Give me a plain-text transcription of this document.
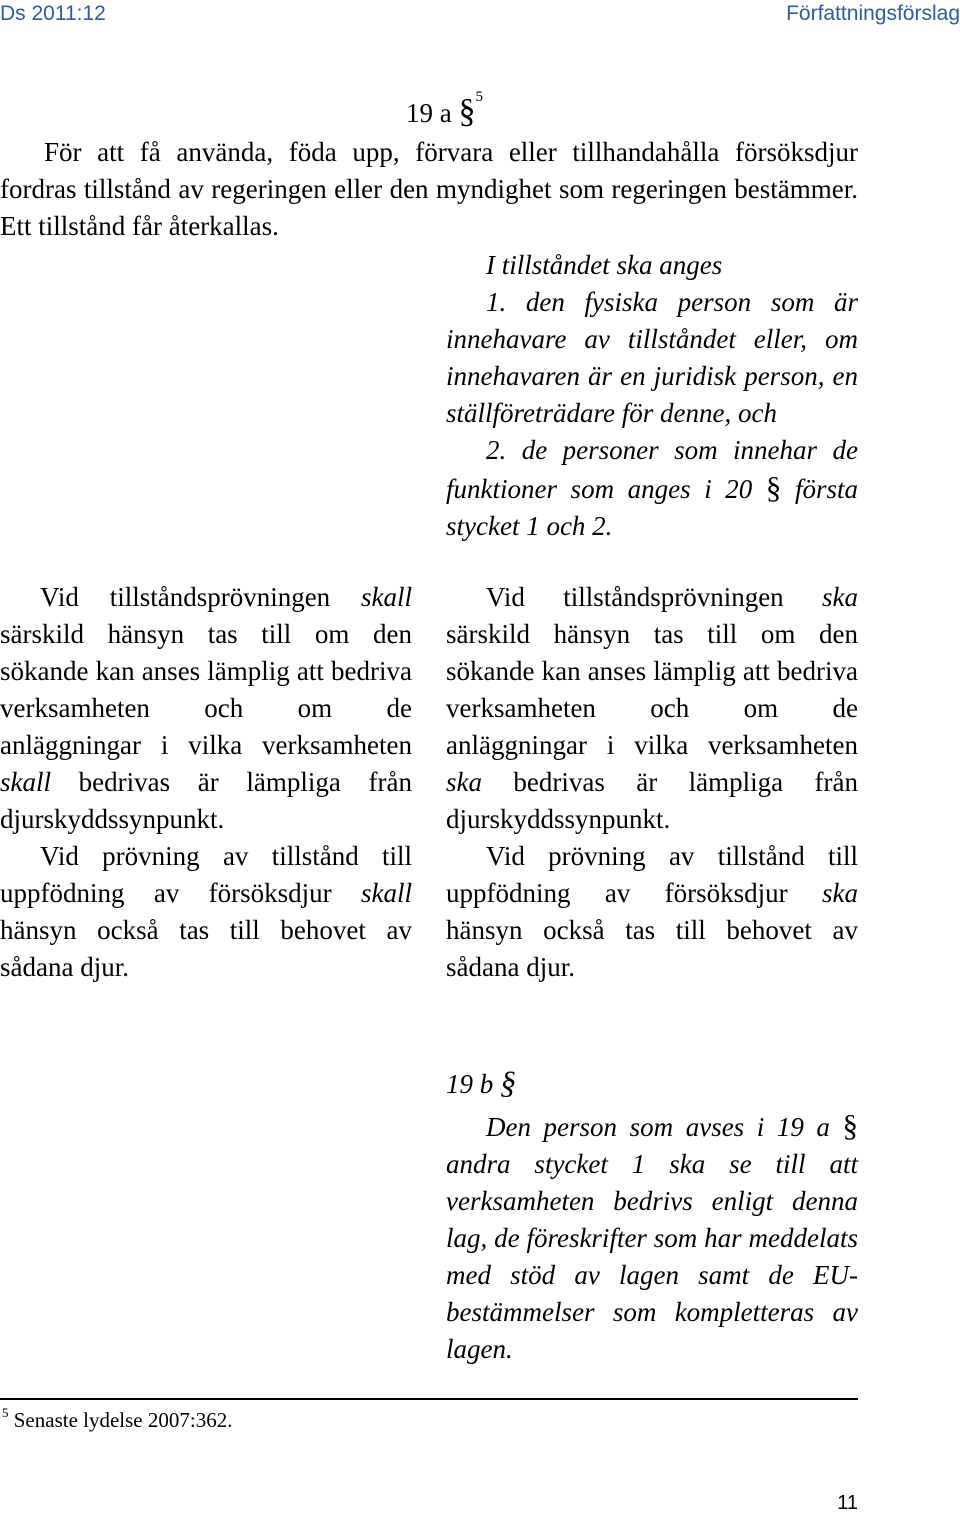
Ds 2011:12	Författningsförslag
19 a §$^5$
För att få använda, föda upp, förvara eller tillhandahålla försöksdjur fordras tillstånd av regeringen eller den myndighet som regeringen bestämmer. Ett tillstånd får återkallas.

I tillståndet ska anges

1. den fysiska person som är innehavare av tillståndet eller, om innehavaren är en juridisk person, en ställföreträdare för denne, och

2. de personer som innehar de funktioner som anges i 20 § första stycket 1 och 2.

Vid tillståndsprövningen skall särskild hänsyn tas till om den sökande kan anses lämplig att bedriva verksamheten och om de anläggningar i vilka verksamheten skall bedrivas är lämpliga från djurskyddssynpunkt.

Vid prövning av tillstånd till uppfödning av försöksdjur skall hänsyn också tas till behovet av sådana djur.

Vid tillståndsprövningen ska särskild hänsyn tas till om den sökande kan anses lämplig att bedriva verksamheten och om de anläggningar i vilka verksamheten ska bedrivas är lämpliga från djurskyddssynpunkt.

Vid prövning av tillstånd till uppfödning av försöksdjur ska hänsyn också tas till behovet av sådana djur.

19 b §

Den person som avses i 19 a § andra stycket 1 ska se till att verksamheten bedrivs enligt denna lag, de föreskrifter som har meddelats med stöd av lagen samt de EU-bestämmelser som kompletteras av lagen.

$^5$ Senaste lydelse 2007:362.
11
